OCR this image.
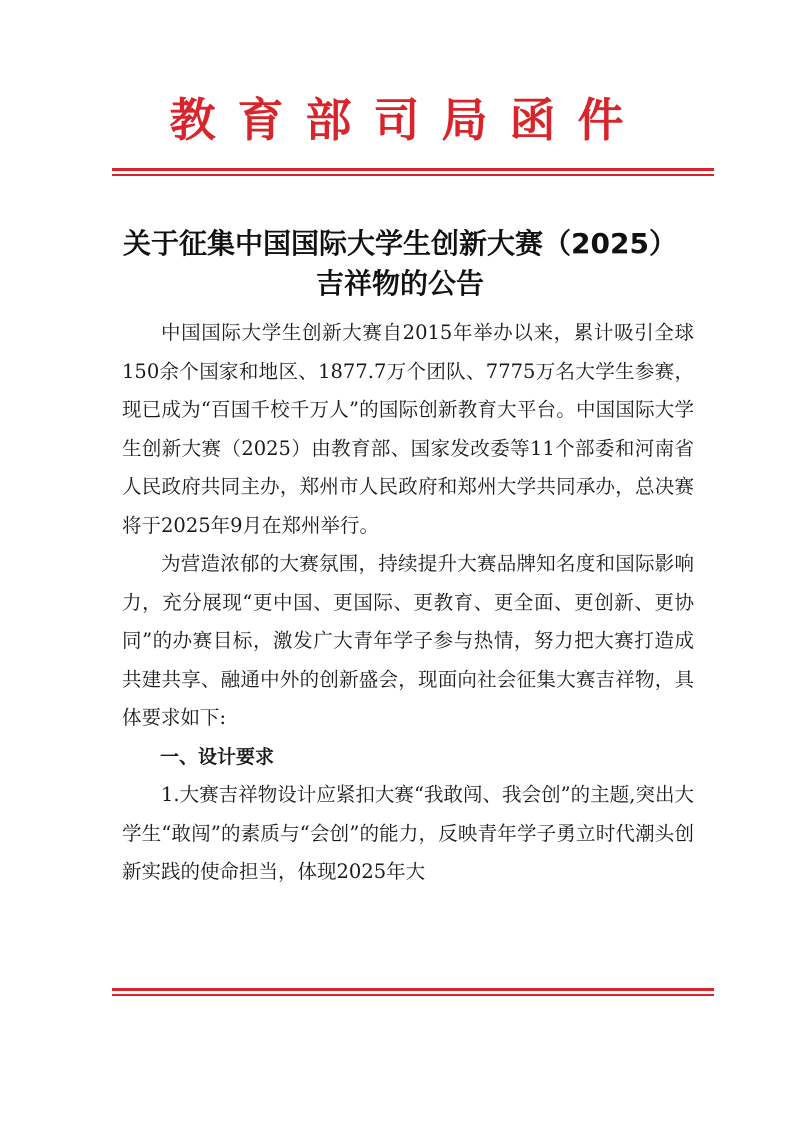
教育部司局函件
关于征集中国国际大学生创新大赛（2025）
吉祥物的公告

中国国际大学生创新大赛自2015年举办以来，累计吸引全球150余个国家和地区、1877.7万个团队、7775万名大学生参赛，现已成为“百国千校千万人”的国际创新教育大平台。中国国际大学生创新大赛（2025）由教育部、国家发改委等11个部委和河南省人民政府共同主办，郑州市人民政府和郑州大学共同承办，总决赛将于2025年9月在郑州举行。

为营造浓郁的大赛氛围，持续提升大赛品牌知名度和国际影响力，充分展现“更中国、更国际、更教育、更全面、更创新、更协同”的办赛目标，激发广大青年学子参与热情，努力把大赛打造成共建共享、融通中外的创新盛会，现面向社会征集大赛吉祥物，具体要求如下:

一、设计要求

1.大赛吉祥物设计应紧扣大赛“我敢闯、我会创”的主题,突出大学生“敢闯”的素质与“会创”的能力，反映青年学子勇立时代潮头创新实践的使命担当，体现2025年大
